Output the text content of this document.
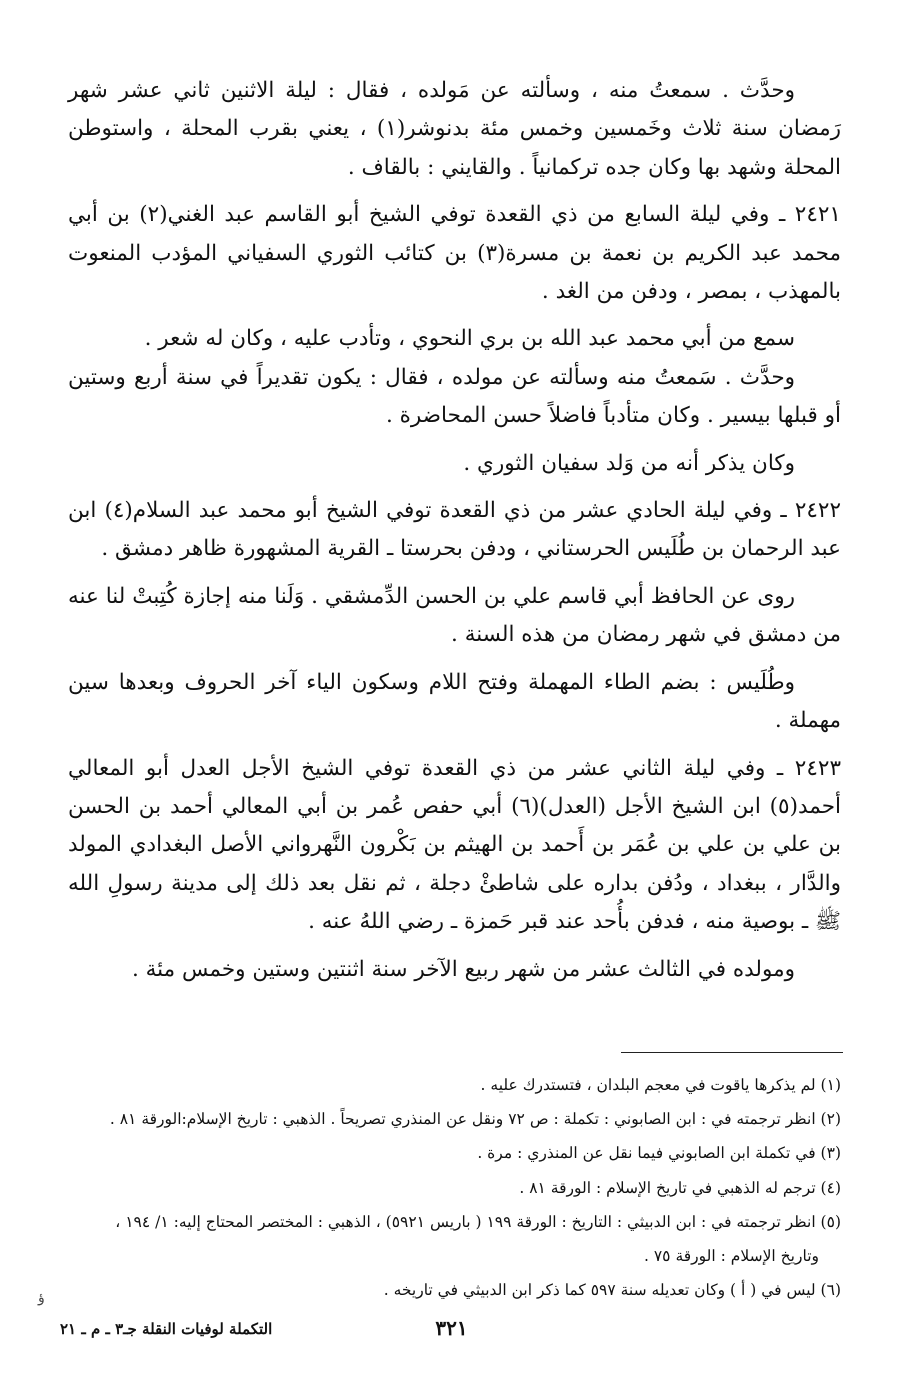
وحدَّث . سمعتُ منه ، وسألته عن مَولده ، فقال : ليلة الاثنين ثاني عشر شهر رَمضان سنة ثلاث وخَمسين وخمس مئة بدنوشر(١) ، يعني بقرب المحلة ، واستوطن المحلة وشهد بها وكان جده تركمانياً . والقايني : بالقاف .

٢٤٢١ ـ وفي ليلة السابع من ذي القعدة توفي الشيخ أبو القاسم عبد الغني(٢) بن أبي محمد عبد الكريم بن نعمة بن مسرة(٣) بن كتائب الثوري السفياني المؤدب المنعوت بالمهذب ، بمصر ، ودفن من الغد .

سمع من أبي محمد عبد الله بن بري النحوي ، وتأدب عليه ، وكان له شعر .

وحدَّث . سَمعتُ منه وسألته عن مولده ، فقال : يكون تقديراً في سنة أربع وستين أو قبلها بيسير . وكان متأدباً فاضلاً حسن المحاضرة .

وكان يذكر أنه من وَلد سفيان الثوري .

٢٤٢٢ ـ وفي ليلة الحادي عشر من ذي القعدة توفي الشيخ أبو محمد عبد السلام(٤) ابن عبد الرحمان بن طُلَيس الحرستاني ، ودفن بحرستا ـ القرية المشهورة ظاهر دمشق .

روى عن الحافظ أبي قاسم علي بن الحسن الدِّمشقي . وَلَنا منه إجازة كُتِبتْ لنا عنه من دمشق في شهر رمضان من هذه السنة .

وطُلَيس : بضم الطاء المهملة وفتح اللام وسكون الياء آخر الحروف وبعدها سين مهملة .

٢٤٢٣ ـ وفي ليلة الثاني عشر من ذي القعدة توفي الشيخ الأجل العدل أبو المعالي أحمد(٥) ابن الشيخ الأجل (العدل)(٦) أبي حفص عُمر بن أبي المعالي أحمد بن الحسن بن علي بن علي بن عُمَر بن أَحمد بن الهيثم بن بَكْرون النَّهرواني الأصل البغدادي المولد والدَّار ، ببغداد ، ودُفن بداره على شاطئْ دجلة ، ثم نقل بعد ذلك إلى مدينة رسولِ الله ﷺ ـ بوصية منه ، فدفن بأُحد عند قبر حَمزة ـ رضي اللهُ عنه .

ومولده في الثالث عشر من شهر ربيع الآخر سنة اثنتين وستين وخمس مئة .

(١) لم يذكرها ياقوت في معجم البلدان ، فتستدرك عليه .

(٢) انظر ترجمته في : ابن الصابوني : تكملة : ص ٧٢ ونقل عن المنذري تصريحاً . الذهبي : تاريخ الإسلام:الورقة ٨١ .

(٣) في تكملة ابن الصابوني فيما نقل عن المنذري : مرة .

(٤) ترجم له الذهبي في تاريخ الإسلام : الورقة ٨١ .

(٥) انظر ترجمته في : ابن الدبيثي : التاريخ : الورقة ١٩٩ ( باريس ٥٩٢١) ، الذهبي : المختصر المحتاج إليه: ١/ ١٩٤ ،

وتاريخ الإسلام : الورقة ٧٥ .

(٦) ليس في ( أ ) وكان تعديله سنة ٥٩٧ كما ذكر ابن الدبيثي في تاريخه .

ؤ
٣٢١
التكملة لوفيات النقلة جـ٣ ـ م ـ ٢١
